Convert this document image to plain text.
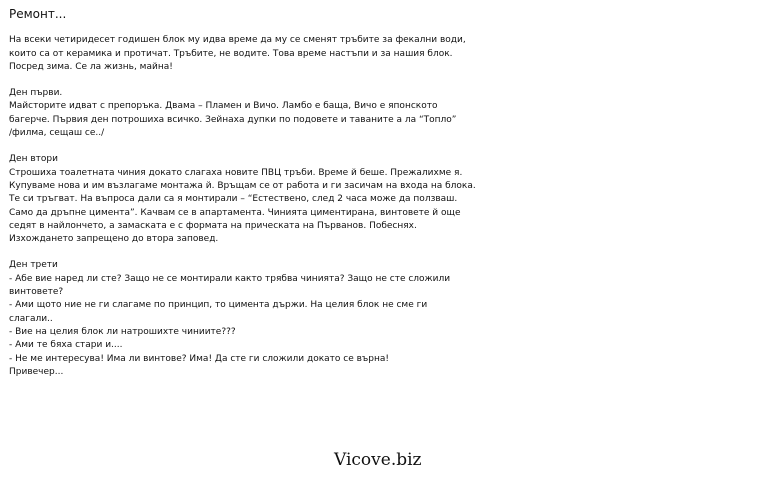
Ремонт...
На всеки четиридесет годишен блок му идва време да му се сменят тръбите за фекални води,
които са от керамика и протичат. Тръбите, не водите. Това време настъпи и за нашия блок.
Посред зима. Се ла жизнь, майна!
Ден първи.
Майсторите идват с препоръка. Двама – Пламен и Вичо. Ламбо е баща, Вичо е японското
багерче. Първия ден потрошиха всичко. Зейнаха дупки по подовете и таваните а ла “Топло”
/филма, сещаш се../
Ден втори
Строшиха тоалетната чиния докато слагаха новите ПВЦ тръби. Време й беше. Прежалихме я.
Купуваме нова и им възлагаме монтажа й. Връщам се от работа и ги засичам на входа на блока.
Те си тръгват. На въпроса дали са я монтирали – “Естествено, след 2 часа може да ползваш.
Само да дръпне цимента”. Качвам се в апартамента. Чинията циментирана, винтовете й още
седят в найлончето, а замаската е с формата на прическата на Първанов. Побеснях.
Изхождането запрещено до втора заповед.
Ден трети
- Абе вие наред ли сте? Защо не се монтирали както трябва чинията? Защо не сте сложили
винтовете?
- Ами щото ние не ги слагаме по принцип, то цимента държи. На целия блок не сме ги
слагали..
- Вие на целия блок ли натрошихте чиниите???
- Ами те бяха стари и....
- Не ме интересува! Има ли винтове? Има! Да сте ги сложили докато се върна!
Привечер...
Vicove.biz
